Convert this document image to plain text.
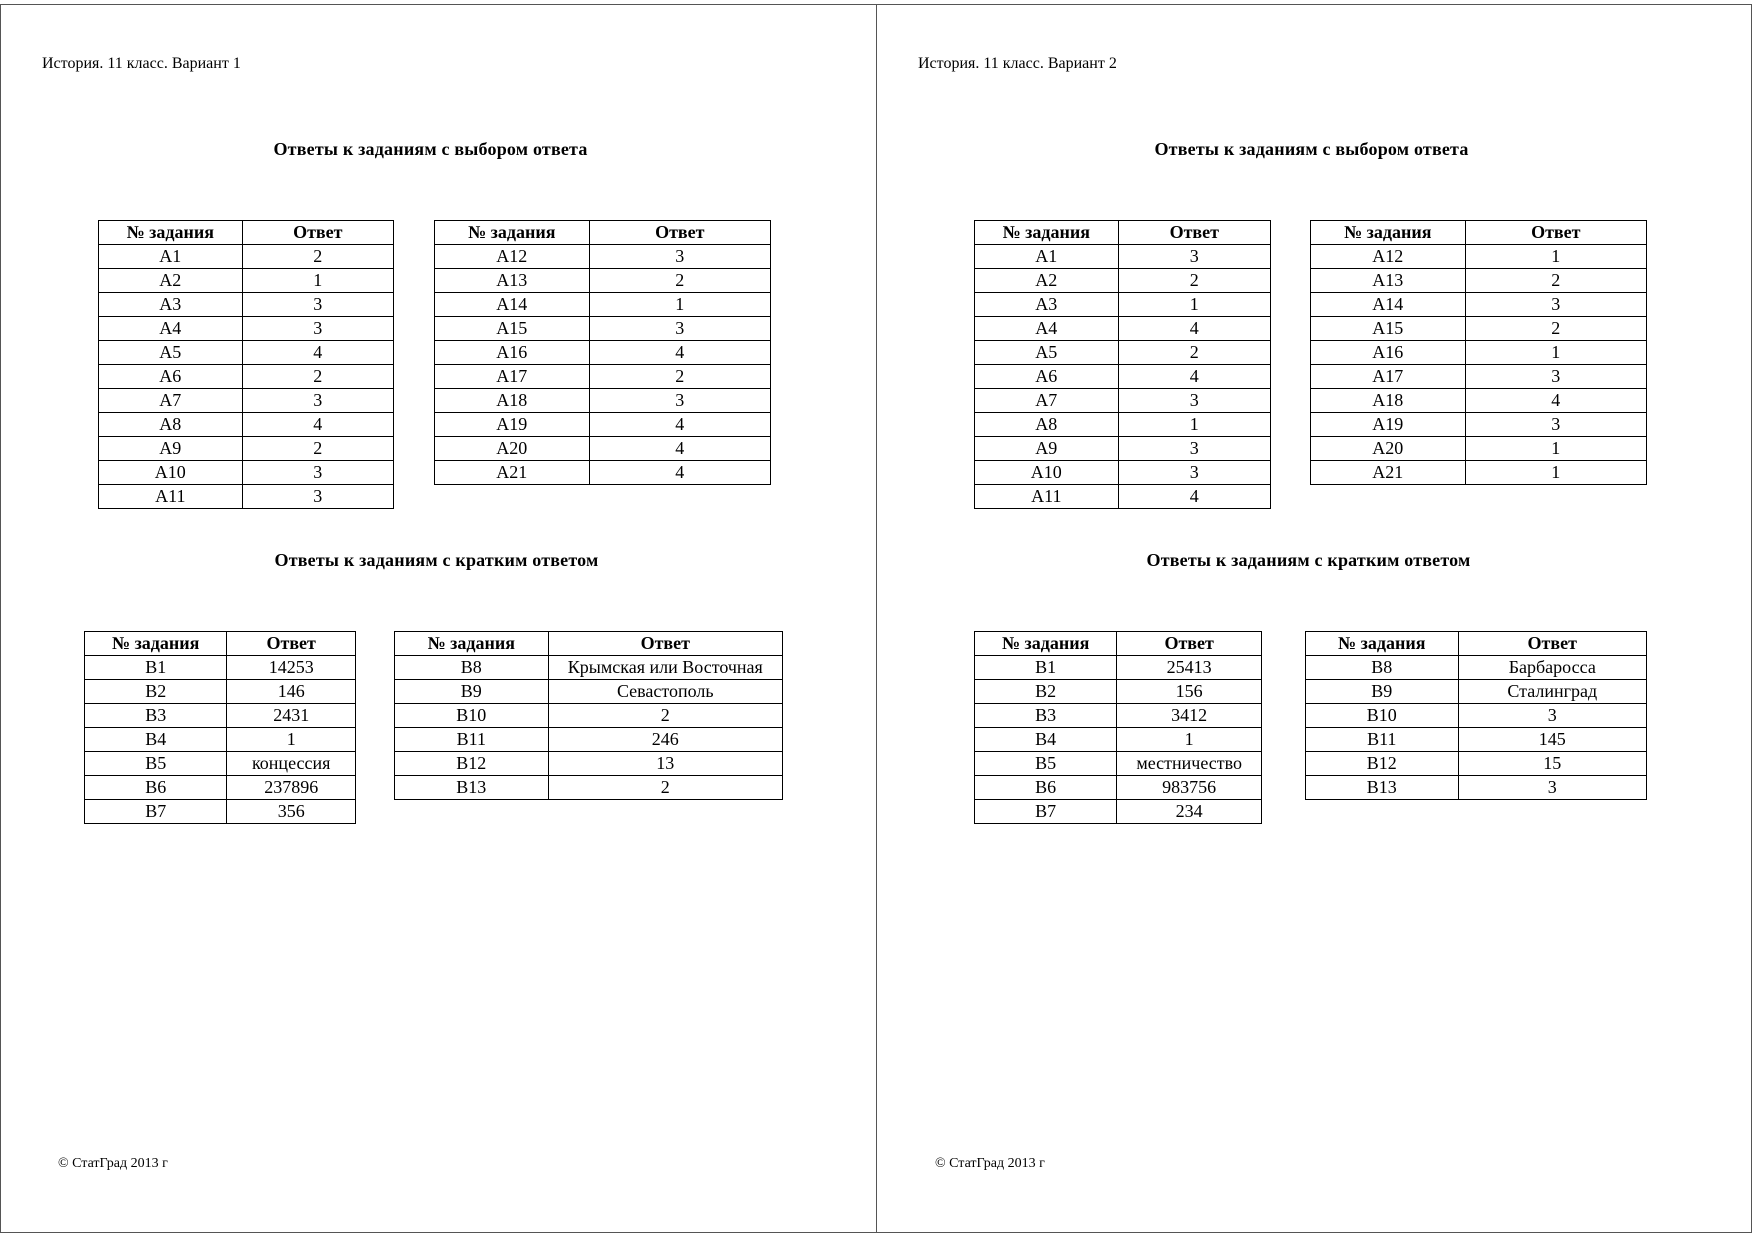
История. 11 класс. Вариант 1
Ответы к заданиям с выбором ответа
№ задания	Ответ
A1	2
A2	1
A3	3
A4	3
A5	4
A6	2
A7	3
A8	4
A9	2
A10	3
A11	3
№ задания	Ответ
A12	3
A13	2
A14	1
A15	3
A16	4
A17	2
A18	3
A19	4
A20	4
A21	4
Ответы к заданиям с кратким ответом
№ задания	Ответ
B1	14253
B2	146
B3	2431
B4	1
B5	концессия
B6	237896
B7	356
№ задания	Ответ
B8	Крымская или Восточная
B9	Севастополь
B10	2
B11	246
B12	13
B13	2
© СтатГрад 2013 г
История. 11 класс. Вариант 2
Ответы к заданиям с выбором ответа
№ задания	Ответ
A1	3
A2	2
A3	1
A4	4
A5	2
A6	4
A7	3
A8	1
A9	3
A10	3
A11	4
№ задания	Ответ
A12	1
A13	2
A14	3
A15	2
A16	1
A17	3
A18	4
A19	3
A20	1
A21	1
Ответы к заданиям с кратким ответом
№ задания	Ответ
B1	25413
B2	156
B3	3412
B4	1
B5	местничество
B6	983756
B7	234
№ задания	Ответ
B8	Барбаросса
B9	Сталинград
B10	3
B11	145
B12	15
B13	3
© СтатГрад 2013 г
